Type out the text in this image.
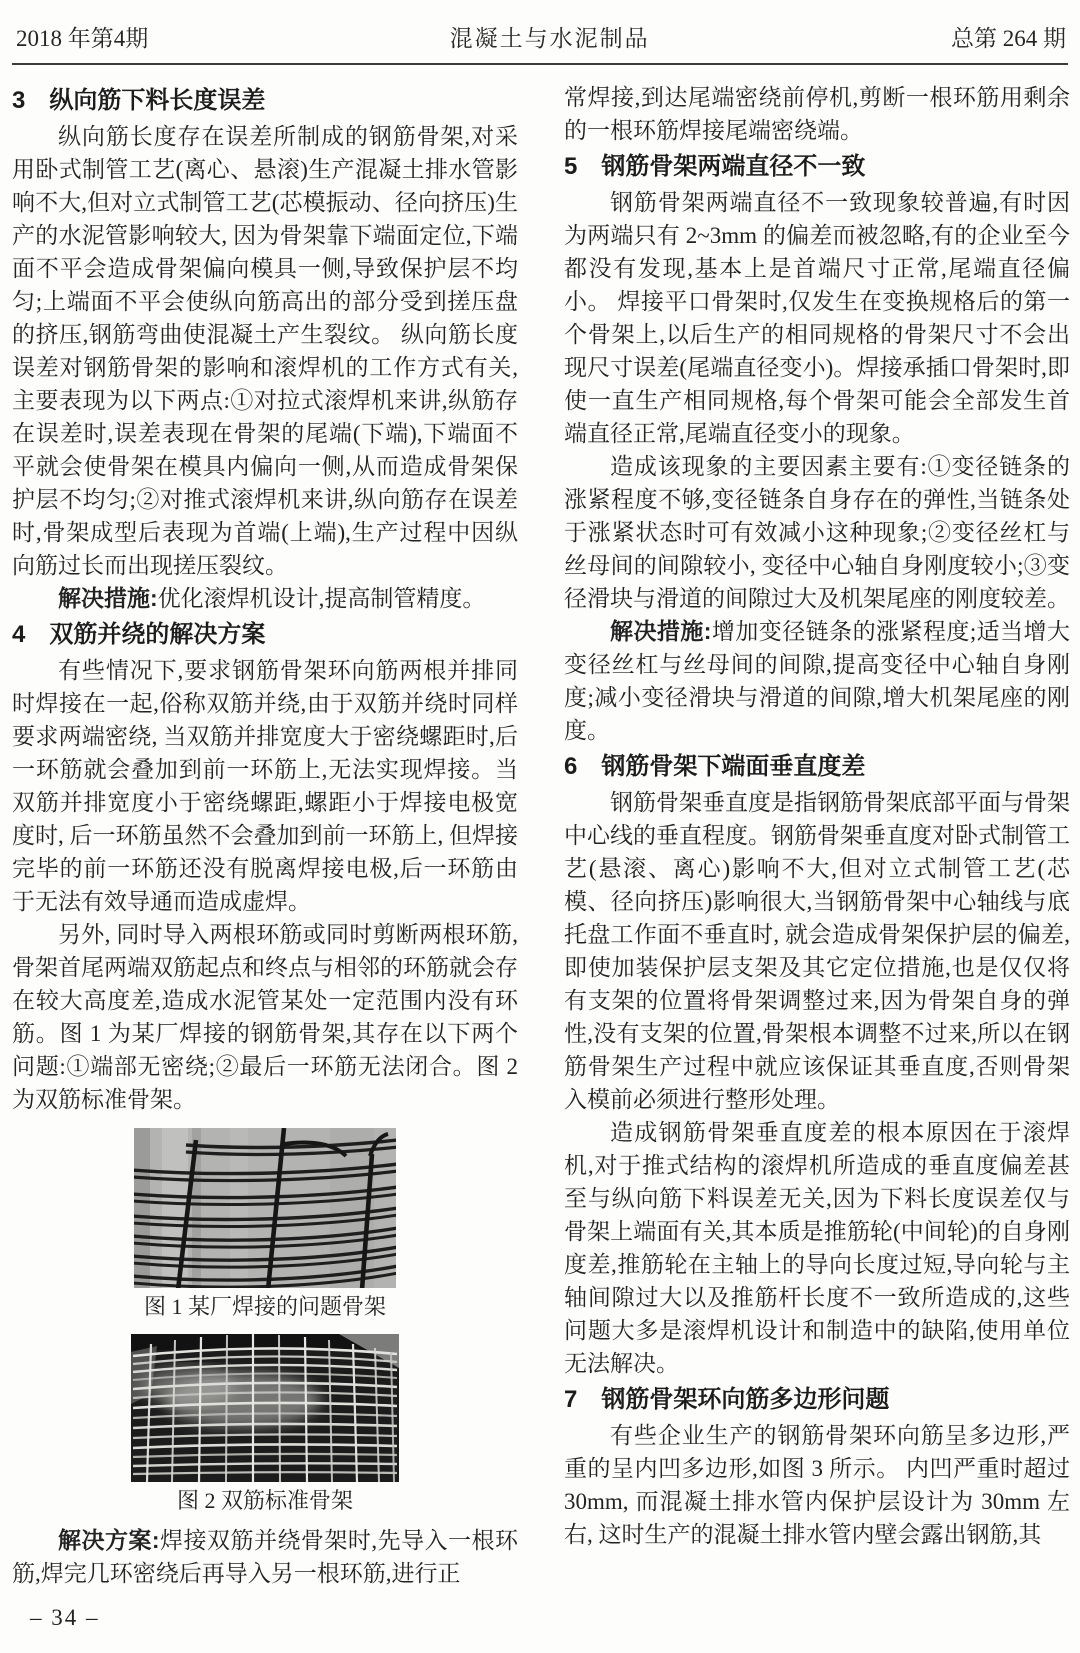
2018 年第4期	混凝土与水泥制品	总第 264 期
3 纵向筋下料长度误差

纵向筋长度存在误差所制成的钢筋骨架,对采用卧式制管工艺(离心、悬滚)生产混凝土排水管影响不大,但对立式制管工艺(芯模振动、径向挤压)生产的水泥管影响较大, 因为骨架靠下端面定位,下端面不平会造成骨架偏向模具一侧,导致保护层不均匀;上端面不平会使纵向筋高出的部分受到搓压盘的挤压,钢筋弯曲使混凝土产生裂纹。 纵向筋长度误差对钢筋骨架的影响和滚焊机的工作方式有关,主要表现为以下两点:①对拉式滚焊机来讲,纵筋存在误差时,误差表现在骨架的尾端(下端),下端面不平就会使骨架在模具内偏向一侧,从而造成骨架保护层不均匀;②对推式滚焊机来讲,纵向筋存在误差时,骨架成型后表现为首端(上端),生产过程中因纵向筋过长而出现搓压裂纹。

解决措施:优化滚焊机设计,提高制管精度。

4 双筋并绕的解决方案

有些情况下,要求钢筋骨架环向筋两根并排同时焊接在一起,俗称双筋并绕,由于双筋并绕时同样要求两端密绕, 当双筋并排宽度大于密绕螺距时,后一环筋就会叠加到前一环筋上,无法实现焊接。当双筋并排宽度小于密绕螺距,螺距小于焊接电极宽度时, 后一环筋虽然不会叠加到前一环筋上, 但焊接完毕的前一环筋还没有脱离焊接电极,后一环筋由于无法有效导通而造成虚焊。

另外, 同时导入两根环筋或同时剪断两根环筋,骨架首尾两端双筋起点和终点与相邻的环筋就会存在较大高度差,造成水泥管某处一定范围内没有环筋。图 1 为某厂焊接的钢筋骨架,其存在以下两个问题:①端部无密绕;②最后一环筋无法闭合。图 2 为双筋标准骨架。

图 1 某厂焊接的问题骨架

图 2 双筋标准骨架

解决方案:焊接双筋并绕骨架时,先导入一根环筋,焊完几环密绕后再导入另一根环筋,进行正

常焊接,到达尾端密绕前停机,剪断一根环筋用剩余的一根环筋焊接尾端密绕端。

5 钢筋骨架两端直径不一致

钢筋骨架两端直径不一致现象较普遍,有时因为两端只有 2~3mm 的偏差而被忽略,有的企业至今都没有发现,基本上是首端尺寸正常,尾端直径偏小。 焊接平口骨架时,仅发生在变换规格后的第一个骨架上,以后生产的相同规格的骨架尺寸不会出现尺寸误差(尾端直径变小)。焊接承插口骨架时,即使一直生产相同规格,每个骨架可能会全部发生首端直径正常,尾端直径变小的现象。

造成该现象的主要因素主要有:①变径链条的涨紧程度不够,变径链条自身存在的弹性,当链条处于涨紧状态时可有效减小这种现象;②变径丝杠与丝母间的间隙较小, 变径中心轴自身刚度较小;③变径滑块与滑道的间隙过大及机架尾座的刚度较差。

解决措施:增加变径链条的涨紧程度;适当增大变径丝杠与丝母间的间隙,提高变径中心轴自身刚度;减小变径滑块与滑道的间隙,增大机架尾座的刚度。

6 钢筋骨架下端面垂直度差

钢筋骨架垂直度是指钢筋骨架底部平面与骨架中心线的垂直程度。钢筋骨架垂直度对卧式制管工艺(悬滚、离心)影响不大,但对立式制管工艺(芯模、径向挤压)影响很大,当钢筋骨架中心轴线与底托盘工作面不垂直时, 就会造成骨架保护层的偏差,即使加装保护层支架及其它定位措施,也是仅仅将有支架的位置将骨架调整过来,因为骨架自身的弹性,没有支架的位置,骨架根本调整不过来,所以在钢筋骨架生产过程中就应该保证其垂直度,否则骨架入模前必须进行整形处理。

造成钢筋骨架垂直度差的根本原因在于滚焊机,对于推式结构的滚焊机所造成的垂直度偏差甚至与纵向筋下料误差无关,因为下料长度误差仅与骨架上端面有关,其本质是推筋轮(中间轮)的自身刚度差,推筋轮在主轴上的导向长度过短,导向轮与主轴间隙过大以及推筋杆长度不一致所造成的,这些问题大多是滚焊机设计和制造中的缺陷,使用单位无法解决。

7 钢筋骨架环向筋多边形问题

有些企业生产的钢筋骨架环向筋呈多边形,严重的呈内凹多边形,如图 3 所示。 内凹严重时超过 30mm, 而混凝土排水管内保护层设计为 30mm 左右, 这时生产的混凝土排水管内壁会露出钢筋,其

– 34 –
